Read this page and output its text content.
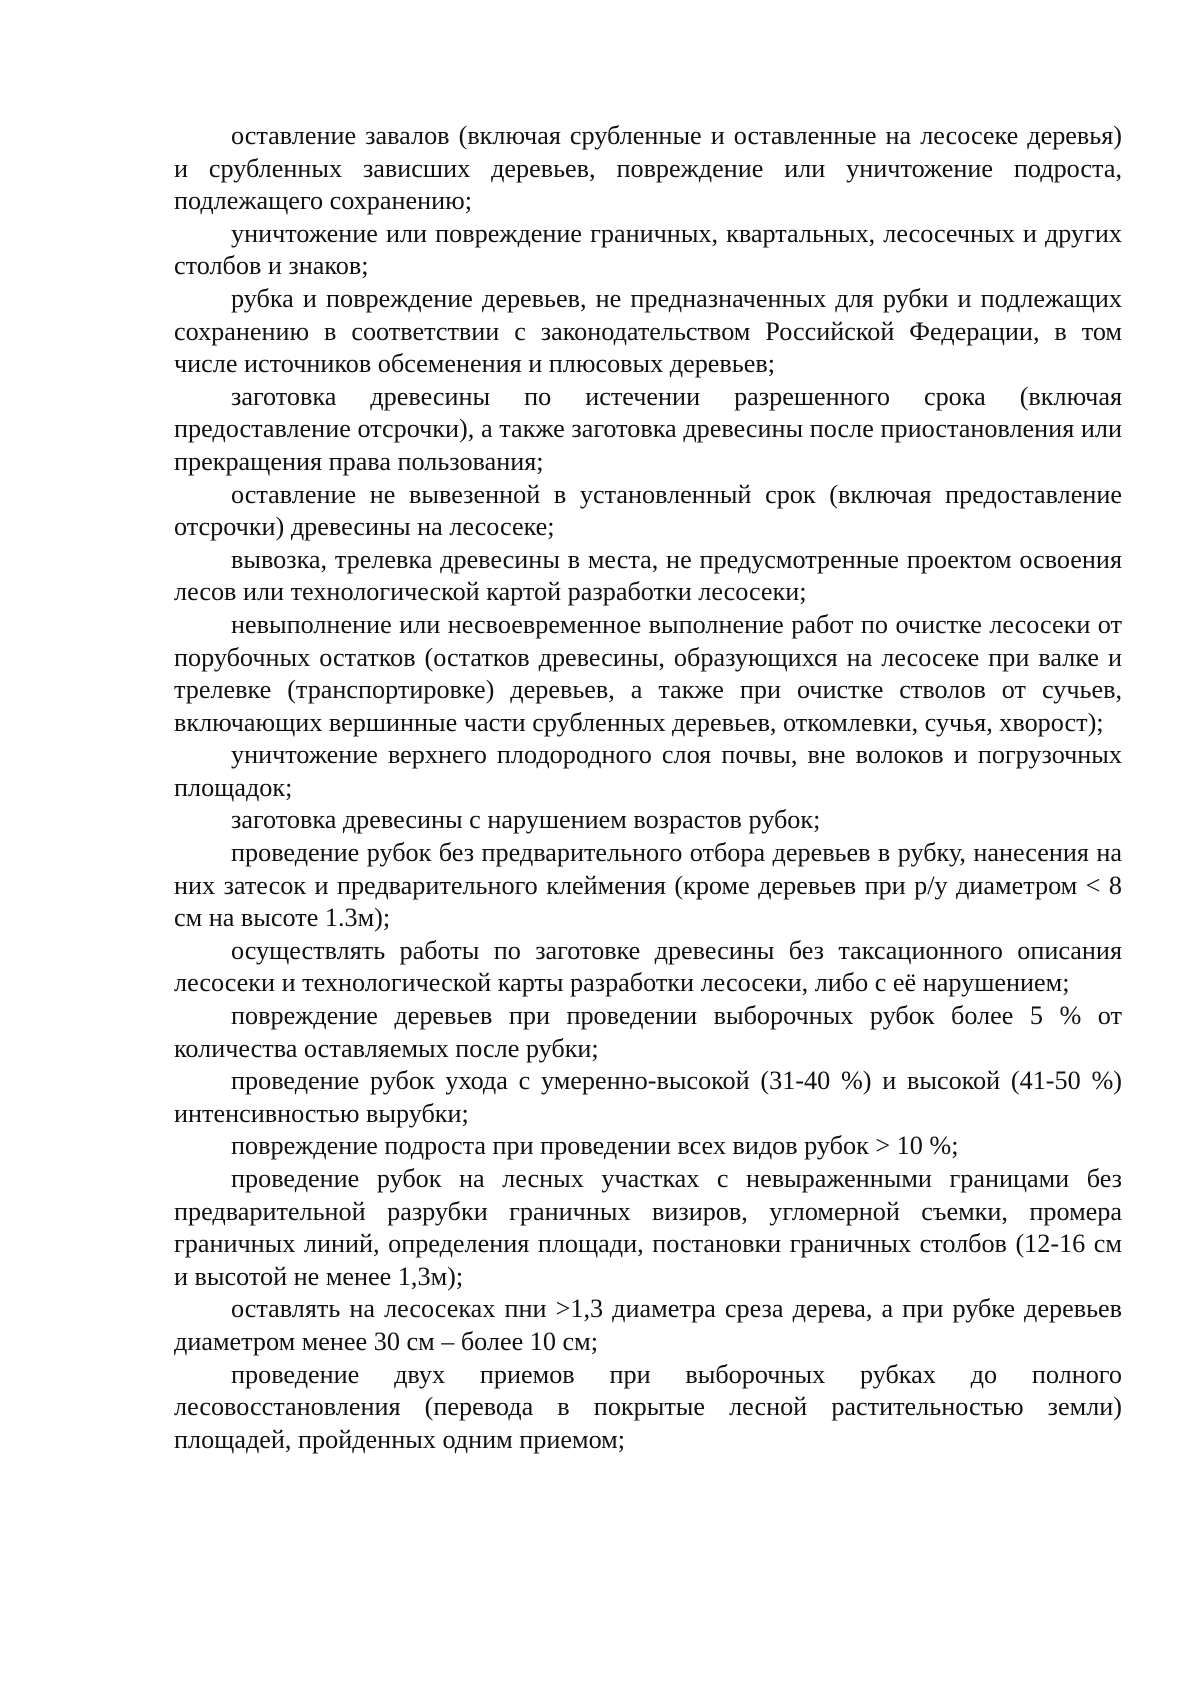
оставление завалов (включая срубленные и оставленные на лесосеке деревья) и срубленных зависших деревьев, повреждение или уничтожение подроста, подлежащего сохранению;

уничтожение или повреждение граничных, квартальных, лесосечных и других столбов и знаков;

рубка и повреждение деревьев, не предназначенных для рубки и подлежащих сохранению в соответствии с законодательством Российской Федерации, в том числе источников обсеменения и плюсовых деревьев;

заготовка древесины по истечении разрешенного срока (включая предоставление отсрочки), а также заготовка древесины после приостановления или прекращения права пользования;

оставление не вывезенной в установленный срок (включая предоставление отсрочки) древесины на лесосеке;

вывозка, трелевка древесины в места, не предусмотренные проектом освоения лесов или технологической картой разработки лесосеки;

невыполнение или несвоевременное выполнение работ по очистке лесосеки от порубочных остатков (остатков древесины, образующихся на лесосеке при валке и трелевке (транспортировке) деревьев, а также при очистке стволов от сучьев, включающих вершинные части срубленных деревьев, откомлевки, сучья, хворост);

уничтожение верхнего плодородного слоя почвы, вне волоков и погрузочных площадок;

заготовка древесины с нарушением возрастов рубок;

проведение рубок без предварительного отбора деревьев в рубку, нанесения на них затесок и предварительного клеймения (кроме деревьев при р/у диаметром < 8 см на высоте 1.3м);

осуществлять работы по заготовке древесины без таксационного описания лесосеки и технологической карты разработки лесосеки, либо с её нарушением;

повреждение деревьев при проведении выборочных рубок более 5 % от количества оставляемых после рубки;

проведение рубок ухода с умеренно-высокой (31-40 %) и высокой (41-50 %) интенсивностью вырубки;

повреждение подроста при проведении всех видов рубок > 10 %;

проведение рубок на лесных участках с невыраженными границами без предварительной разрубки граничных визиров, угломерной съемки, промера граничных линий, определения площади, постановки граничных столбов (12-16 см и высотой не менее 1,3м);

оставлять на лесосеках пни >1,3 диаметра среза дерева, а при рубке деревьев диаметром менее 30 см – более 10 см;

проведение двух приемов при выборочных рубках до полного лесовосстановления (перевода в покрытые лесной растительностью земли) площадей, пройденных одним приемом;
